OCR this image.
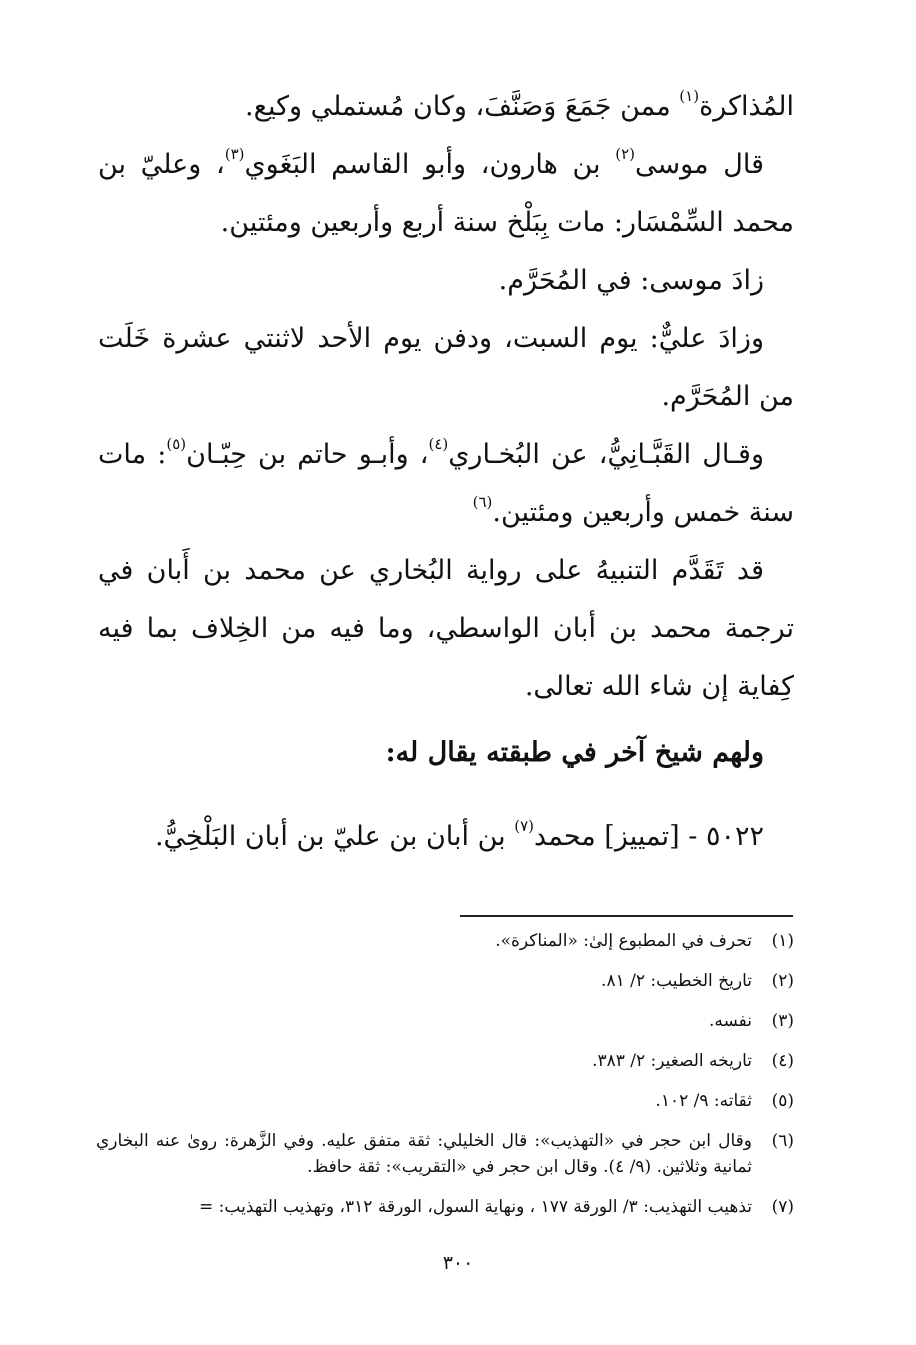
المُذاكرة$^{(١)}$ ممن جَمَعَ وَصَنَّفَ، وكان مُستملي وكيع.

قال موسى$^{(٢)}$ بن هارون، وأبو القاسم البَغَوي$^{(٣)}$، وعليّ بن محمد السِّمْسَار: مات بِبَلْخ سنة أربع وأربعين ومئتين.

زادَ موسى: في المُحَرَّم.

وزادَ عليٌّ: يوم السبت، ودفن يوم الأحد لاثنتي عشرة خَلَت من المُحَرَّم.

وقـال القَبَّـانِيُّ، عن البُخـاري$^{(٤)}$، وأبـو حاتم بن حِبّـان$^{(٥)}$: مات سنة خمس وأربعين ومئتين.$^{(٦)}$

قد تَقَدَّم التنبيهُ على رواية البُخاري عن محمد بن أَبان في ترجمة محمد بن أبان الواسطي، وما فيه من الخِلاف بما فيه كِفاية إن شاء الله تعالى.

ولهم شيخ آخر في طبقته يقال له:
٥٠٢٢ - [تمييز] محمد$^{(٧)}$ بن أبان بن عليّ بن أبان البَلْخِيُّ.
(١)
تحرف في المطبوع إلىٰ: «المناكرة».
(٢)
تاريخ الخطيب: ٢/ ٨١.
(٣)
نفسه.
(٤)
تاريخه الصغير: ٢/ ٣٨٣.
(٥)
ثقاته: ٩/ ١٠٢.
(٦)
وقال ابن حجر في «التهذيب»: قال الخليلي: ثقة متفق عليه. وفي الزَّهرة: روىٰ عنه البخاري ثمانية وثلاثين. (٩/ ٤). وقال ابن حجر في «التقريب»: ثقة حافظ.
(٧)
تذهيب التهذيب: ٣/ الورقة ١٧٧ ، ونهاية السول، الورقة ٣١٢، وتهذيب التهذيب: =
٣٠٠
